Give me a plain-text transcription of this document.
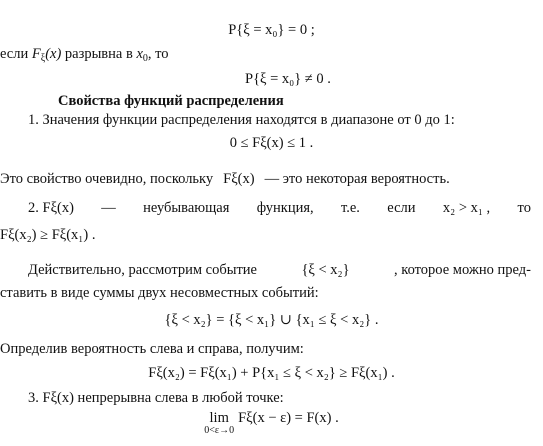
P{ξ = x₀} = 0 ;
если $F_\xi(x)$ разрывна в $x_0$, то
P{ξ = x₀} ≠ 0 .
Свойства функций распределения
1. Значения функции распределения находятся в диапазоне от 0 до 1:
0 ≤ Fξ(x) ≤ 1 .
Это свойство очевидно, поскольку Fξ(x) — это некоторая вероятность.
2. Fξ(x) — неубывающая функция, т.е. если x₂ > x₁ , то
Fξ(x₂) ≥ Fξ(x₁) .
Действительно, рассмотрим событие	{ξ < x₂}	, которое можно пред-
ставить в виде суммы двух несовместных событий:
{ξ < x₂} = {ξ < x₁} ∪ {x₁ ≤ ξ < x₂} .
Определив вероятность слева и справа, получим:
Fξ(x₂) = Fξ(x₁) + P{x₁ ≤ ξ < x₂} ≥ Fξ(x₁) .
3. Fξ(x) непрерывна слева в любой точке:
lim
0<ε→0
Fξ(x − ε) = F(x) .
